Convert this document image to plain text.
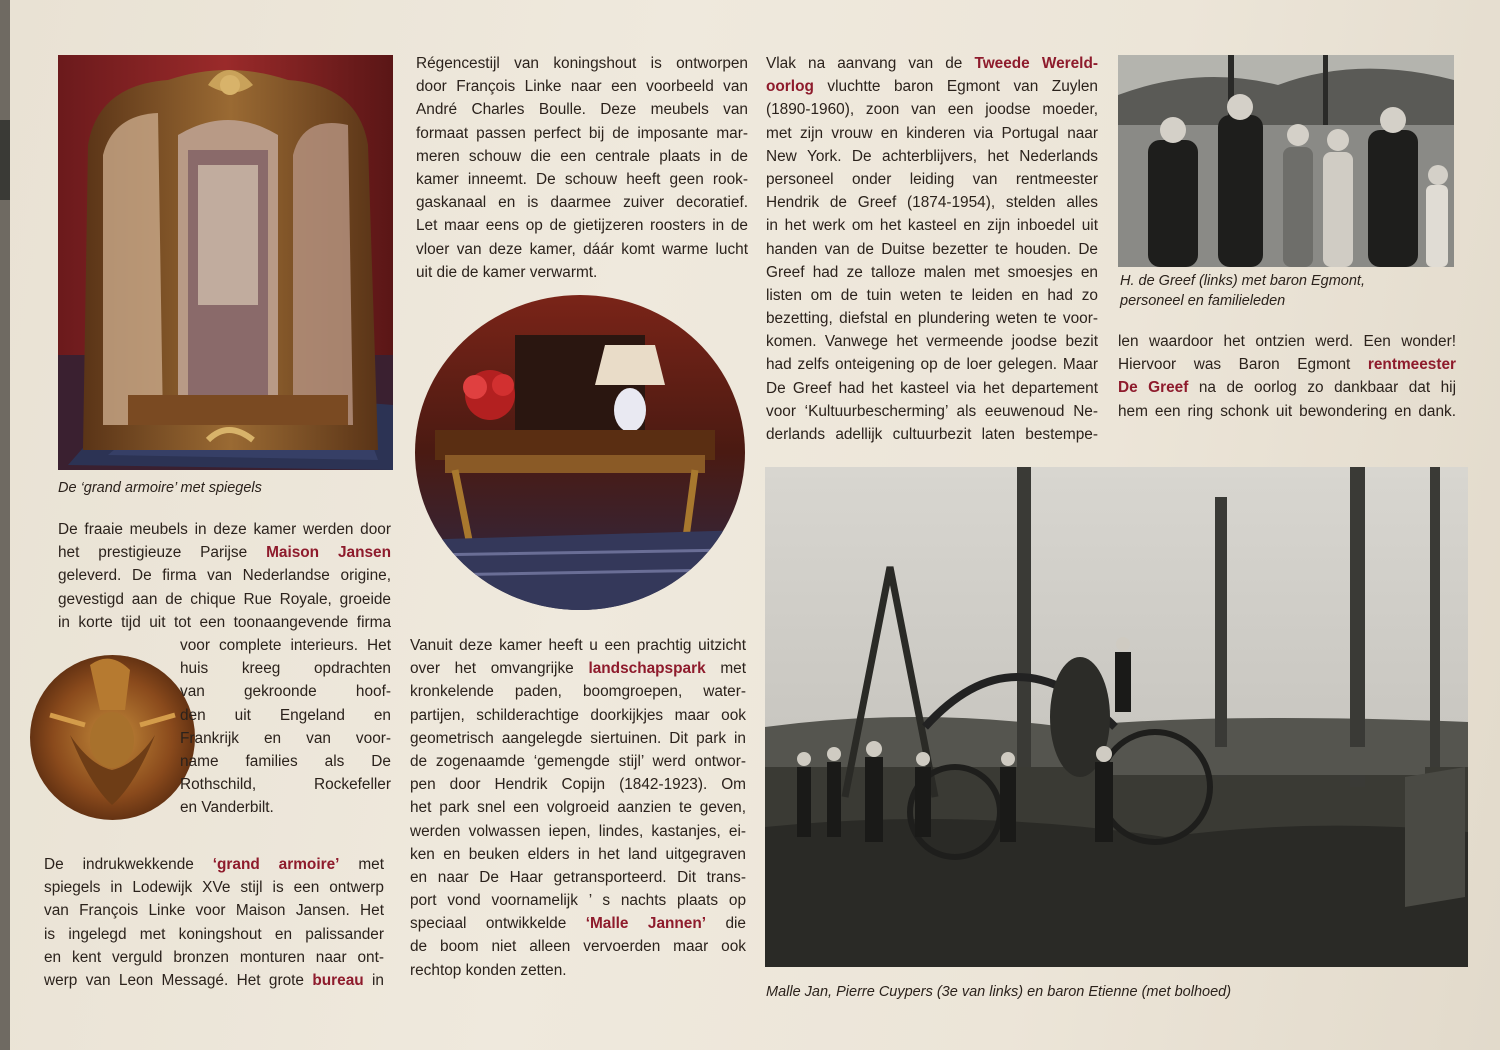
De ‘grand armoire’ met spiegels

De fraaie meubels in deze kamer werden door
het prestigieuze Parijse Maison Jansen
geleverd. De firma van Nederlandse origine,
gevestigd aan de chique Rue Royale, groeide
in korte tijd uit tot een toonaangevende firma
voor complete interieurs. Het
huis kreeg opdrachten
van gekroonde hoof-
den uit Engeland en
Frankrijk en van voor-
name families als De
Rothschild, Rockefeller
en Vanderbilt.
De indrukwekkende ‘grand armoire’ met
spiegels in Lodewijk XVe stijl is een ontwerp
van François Linke voor Maison Jansen. Het
is ingelegd met koningshout en palissander
en kent verguld bronzen monturen naar ont-
werp van Leon Messagé. Het grote bureau in
Régencestijl van koningshout is ontworpen
door François Linke naar een voorbeeld van
André Charles Boulle. Deze meubels van
formaat passen perfect bij de imposante mar-
meren schouw die een centrale plaats in de
kamer inneemt. De schouw heeft geen rook-
gaskanaal en is daarmee zuiver decoratief.
Let maar eens op de gietijzeren roosters in de
vloer van deze kamer, dáár komt warme lucht
uit die de kamer verwarmt.
Vanuit deze kamer heeft u een prachtig uitzicht
over het omvangrijke landschapspark met
kronkelende paden, boomgroepen, water-
partijen, schilderachtige doorkijkjes maar ook
geometrisch aangelegde siertuinen. Dit park in
de zogenaamde ‘gemengde stijl’ werd ontwor-
pen door Hendrik Copijn (1842-1923). Om
het park snel een volgroeid aanzien te geven,
werden volwassen iepen, lindes, kastanjes, ei-
ken en beuken elders in het land uitgegraven
en naar De Haar getransporteerd. Dit trans-
port vond voornamelijk ’ s nachts plaats op
speciaal ontwikkelde ‘Malle Jannen’ die
de boom niet alleen vervoerden maar ook
rechtop konden zetten.
Vlak na aanvang van de Tweede Wereld-
oorlog vluchtte baron Egmont van Zuylen
(1890-1960), zoon van een joodse moeder,
met zijn vrouw en kinderen via Portugal naar
New York. De achterblijvers, het Nederlands
personeel onder leiding van rentmeester
Hendrik de Greef (1874-1954), stelden alles
in het werk om het kasteel en zijn inboedel uit
handen van de Duitse bezetter te houden. De
Greef had ze talloze malen met smoesjes en
listen om de tuin weten te leiden en had zo
bezetting, diefstal en plundering weten te voor-
komen. Vanwege het vermeende joodse bezit
had zelfs onteigening op de loer gelegen. Maar
De Greef had het kasteel via het departement
voor ‘Kultuurbescherming’ als eeuwenoud Ne-
derlands adellijk cultuurbezit laten bestempe-
H. de Greef (links) met baron Egmont,
personeel en familieleden
len waardoor het ontzien werd. Een wonder!
Hiervoor was Baron Egmont rentmeester
De Greef na de oorlog zo dankbaar dat hij
hem een ring schonk uit bewondering en dank.

Malle Jan, Pierre Cuypers (3e van links) en baron Etienne (met bolhoed)
